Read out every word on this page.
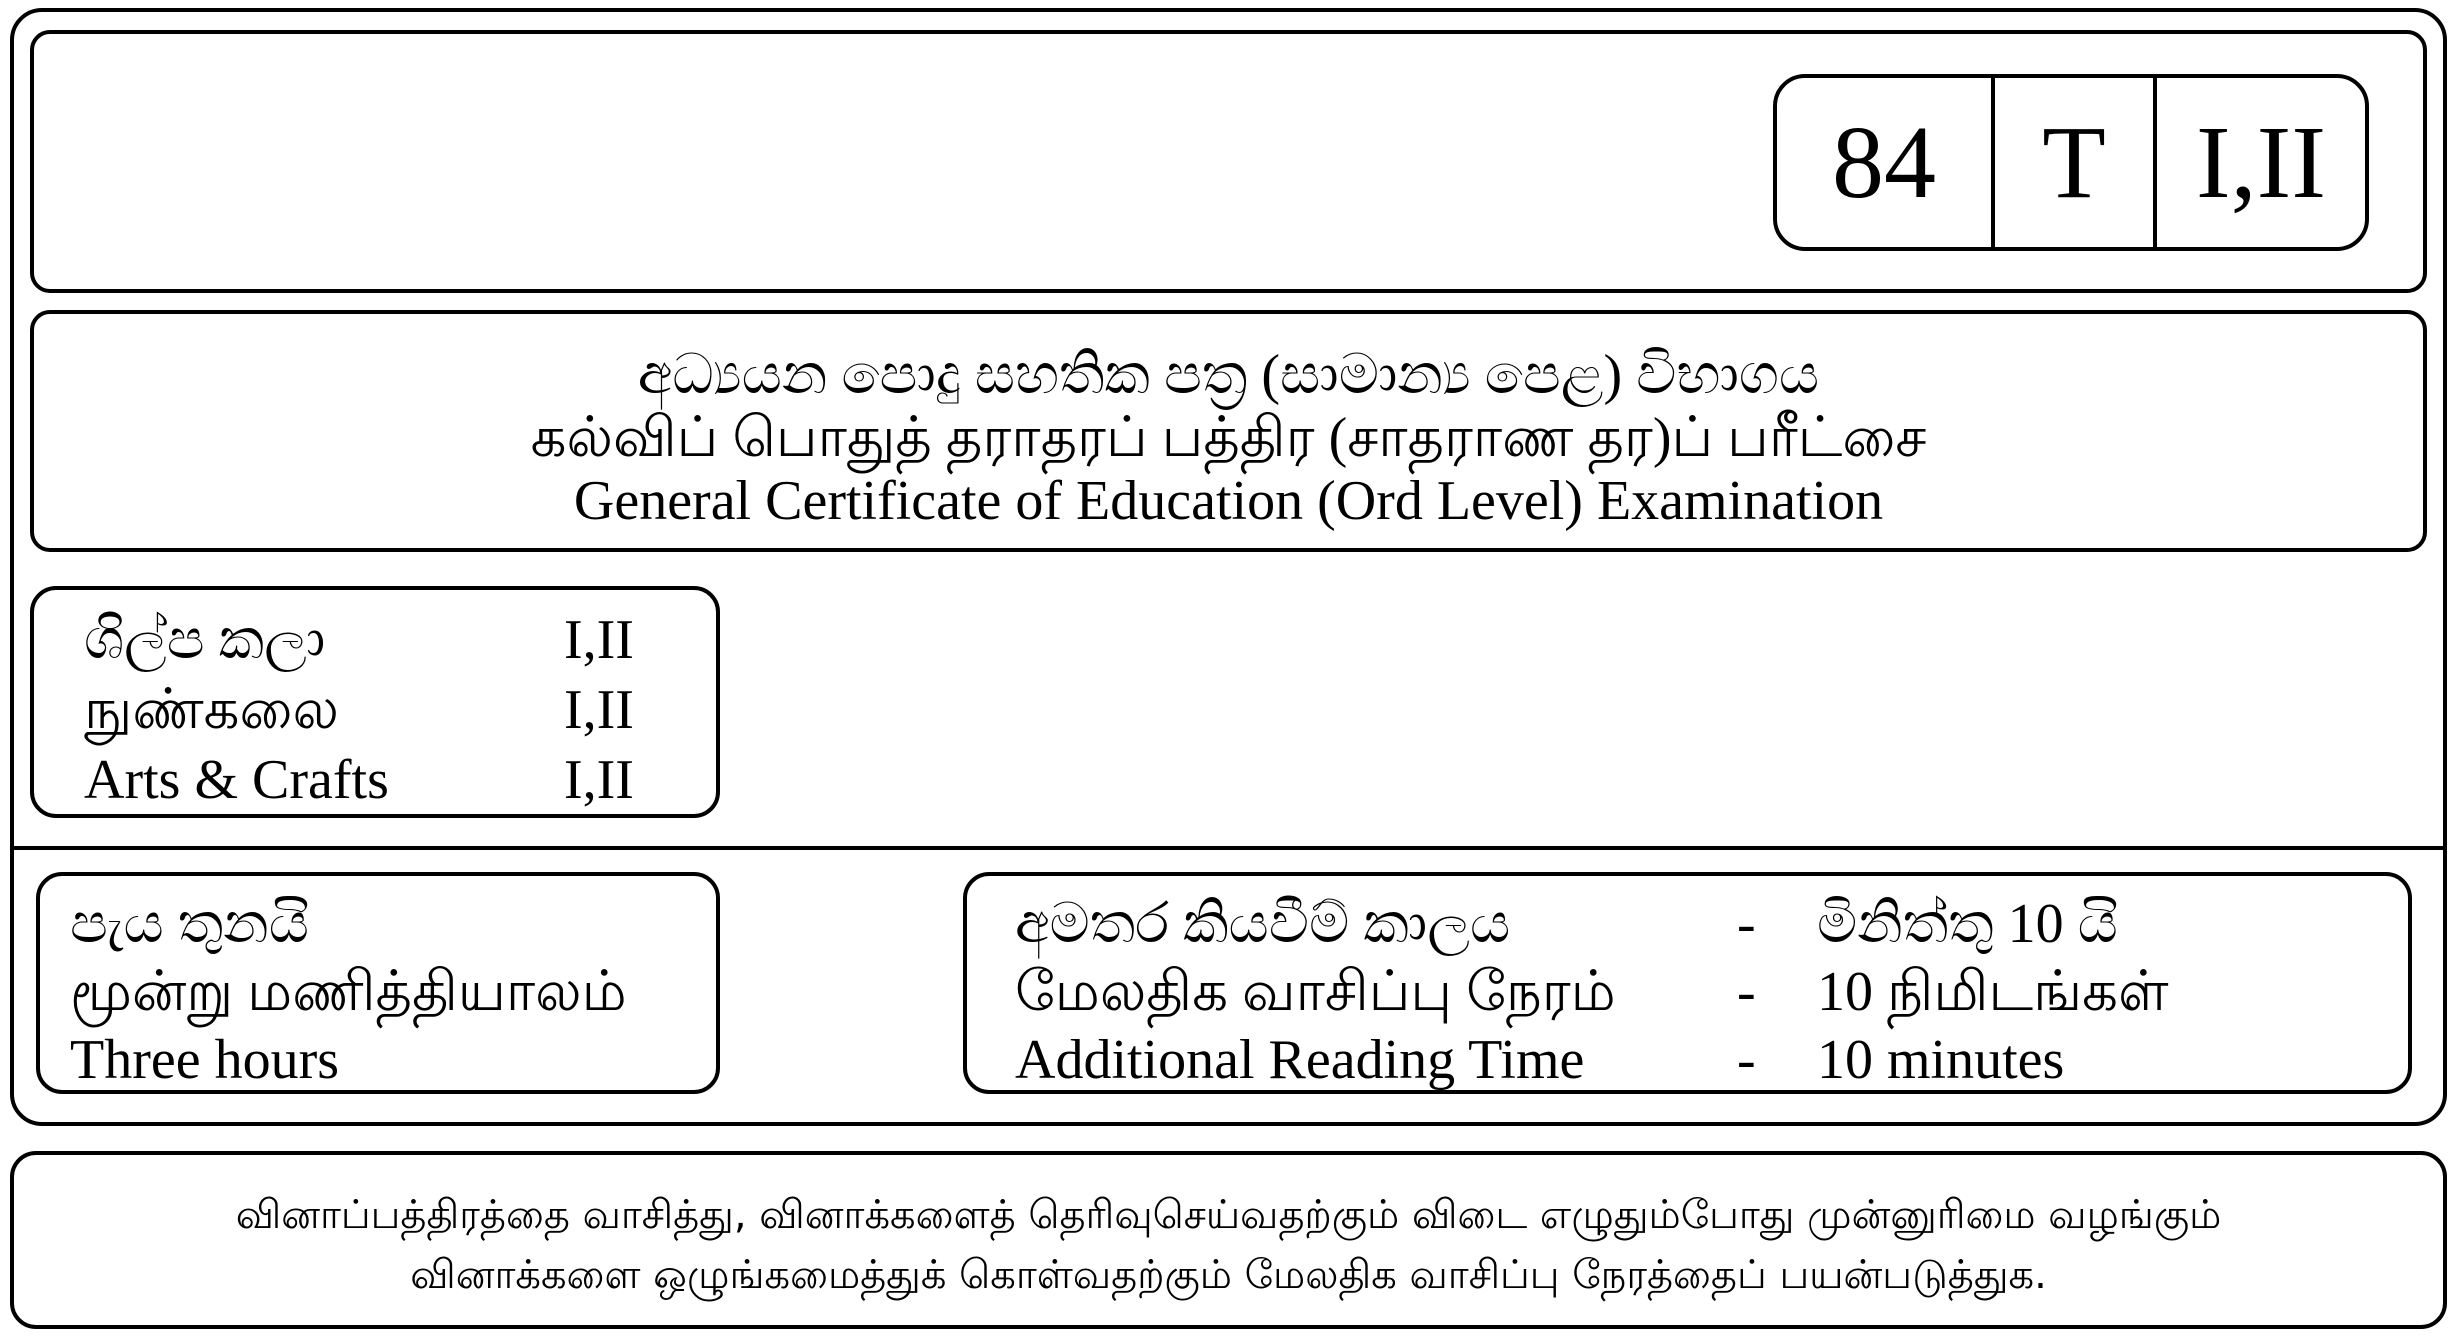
84	T I,II
අධ්‍යයන පොදු සහතික පත්‍ර (සාමාන්‍ය පෙළ) විභාගය
கல்விப் பொதுத் தராதரப் பத்திர (சாதராண தர)ப் பரீட்சை
General Certificate of Education (Ord Level) Examination
ශිල්ප කලා	I,II
நுண்கலை	I,II
Arts & Crafts	I,II
පැය තුනයි
மூன்று மணித்தியாலம்
Three hours
අමතර කියවීම් කාලය	- මිනිත්තු 10 යි
மேலதிக வாசிப்பு நேரம் - 10 நிமிடங்கள்
Additional Reading Time	- 10 minutes
வினாப்பத்திரத்தை வாசித்து, வினாக்களைத் தெரிவுசெய்வதற்கும் விடை எழுதும்போது முன்னுரிமை வழங்கும்
வினாக்களை ஒழுங்கமைத்துக் கொள்வதற்கும் மேலதிக வாசிப்பு நேரத்தைப் பயன்படுத்துக.
